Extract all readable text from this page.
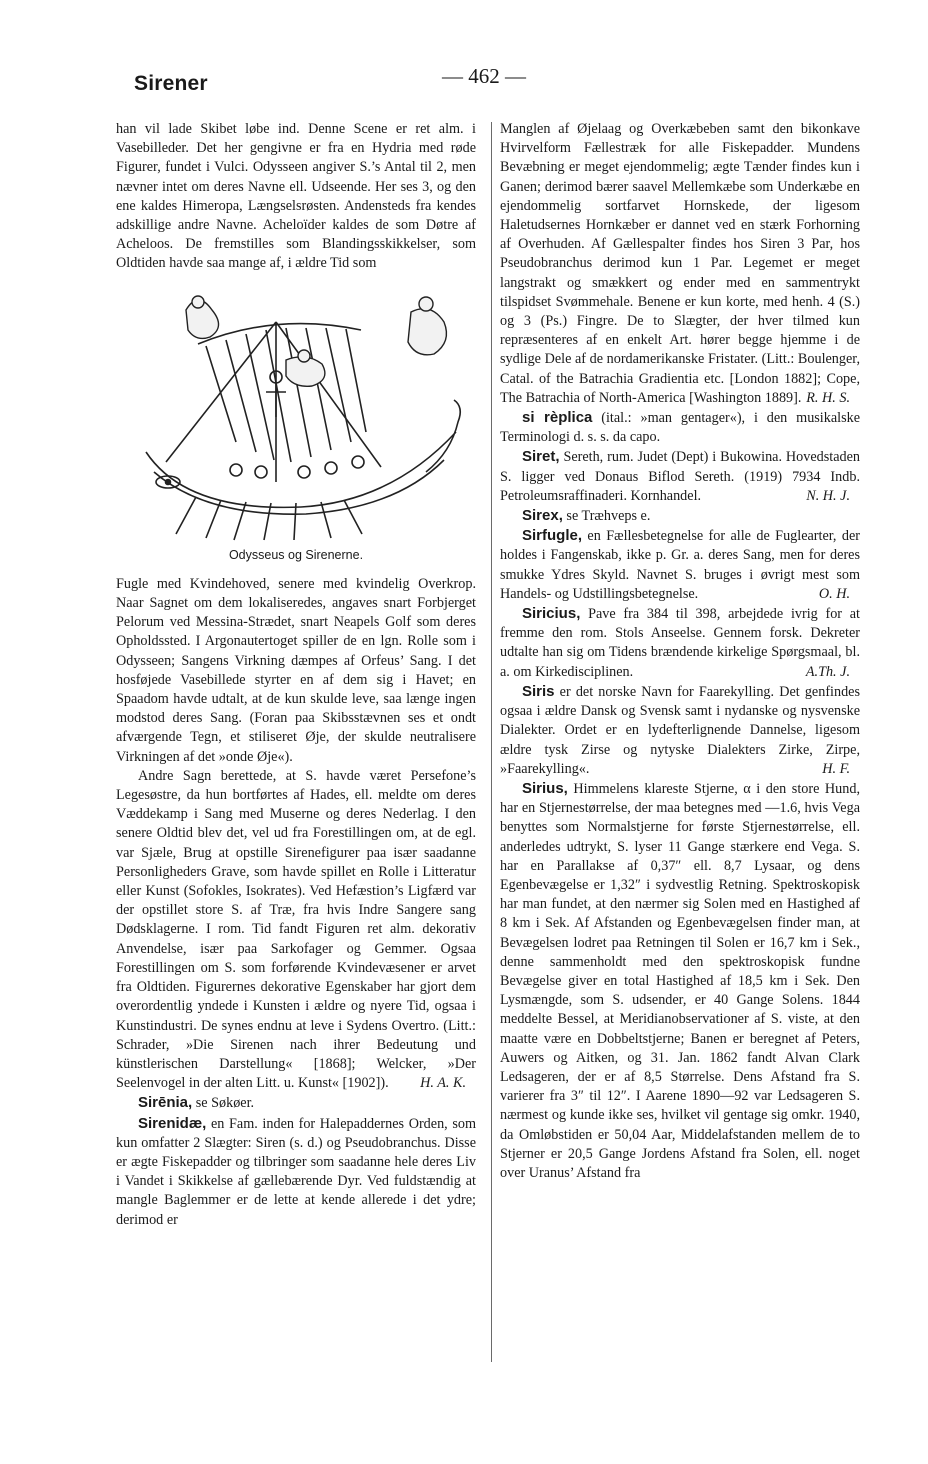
Sirener	— 462 —

han vil lade Skibet løbe ind. Denne Scene er ret alm. i Vasebilleder. Det her gengivne er fra en Hydria med røde Figurer, fundet i Vulci. Odysseen angiver S.’s Antal til 2, men nævner intet om deres Navne ell. Udseende. Her ses 3, og den ene kaldes Himeropa, Længselsrøsten. Andensteds fra kendes adskillige andre Navne. Acheloïder kaldes de som Døtre af Acheloos. De fremstilles som Blandingsskikkelser, som Oldtiden havde saa mange af, i ældre Tid som

Odysseus og Sirenerne.

Fugle med Kvindehoved, senere med kvindelig Overkrop. Naar Sagnet om dem lokaliseredes, angaves snart Forbjerget Pelorum ved Messina-Strædet, snart Neapels Golf som deres Opholdssted. I Argonautertoget spiller de en lgn. Rolle som i Odysseen; Sangens Virkning dæmpes af Orfeus’ Sang. I det hosføjede Vasebillede styrter en af dem sig i Havet; en Spaadom havde udtalt, at de kun skulde leve, saa længe ingen modstod deres Sang. (Foran paa Skibsstævnen ses et ondt afværgende Tegn, et stiliseret Øje, der skulde neutralisere Virkningen af det »onde Øje«).

Andre Sagn berettede, at S. havde været Persefone’s Legesøstre, da hun bortførtes af Hades, ell. meldte om deres Væddekamp i Sang med Muserne og deres Nederlag. I den senere Oldtid blev det, vel ud fra Forestillingen om, at de egl. var Sjæle, Brug at opstille Sirenefigurer paa især saadanne Personligheders Grave, som havde spillet en Rolle i Litteratur eller Kunst (Sofokles, Isokrates). Ved Hefæstion’s Ligfærd var der opstillet store S. af Træ, fra hvis Indre Sangere sang Dødsklagerne. I rom. Tid fandt Figuren ret alm. dekorativ Anvendelse, især paa Sarkofager og Gemmer. Ogsaa Forestillingen om S. som forførende Kvindevæsener er arvet fra Oldtiden. Figurernes dekorative Egenskaber har gjort dem overordentlig yndede i Kunsten i ældre og nyere Tid, ogsaa i Kunstindustri. De synes endnu at leve i Sydens Overtro. (Litt.: Schrader, »Die Sirenen nach ihrer Bedeutung und künstlerischen Darstellung« [1868]; Welcker, »Der Seelenvogel in der alten Litt. u. Kunst« [1902]).	H. A. K.

Sirēnia, se Søkøer.

Sirenidæ, en Fam. inden for Halepaddernes Orden, som kun omfatter 2 Slægter: Siren (s. d.) og Pseudobranchus. Disse er ægte Fiskepadder og tilbringer som saadanne hele deres Liv i Vandet i Skikkelse af gællebærende Dyr. Ved fuldstændig at mangle Baglemmer er de lette at kende allerede i det ydre; derimod er

Manglen af Øjelaag og Overkæbeben samt den bikonkave Hvirvelform Fællestræk for alle Fiskepadder. Mundens Bevæbning er meget ejendommelig; ægte Tænder findes kun i Ganen; derimod bærer saavel Mellemkæbe som Underkæbe en ejendommelig sortfarvet Hornskede, der ligesom Haletudsernes Hornkæber er dannet ved en stærk Forhorning af Overhuden. Af Gællespalter findes hos Siren 3 Par, hos Pseudobranchus derimod kun 1 Par. Legemet er meget langstrakt og smækkert og ender med en sammentrykt tilspidset Svømmehale. Benene er kun korte, med henh. 4 (S.) og 3 (Ps.) Fingre. De to Slægter, der hver tilmed kun repræsenteres af en enkelt Art. hører begge hjemme i de sydlige Dele af de nordamerikanske Fristater. (Litt.: Boulenger, Catal. of the Batrachia Gradientia etc. [London 1882]; Cope, The Batrachia of North-America [Washington 1889]. R. H. S.

si rèplica (ital.: »man gentager«), i den musikalske Terminologi d. s. s. da capo.

Siret, Sereth, rum. Judet (Dept) i Bukowina. Hovedstaden S. ligger ved Donaus Biflod Sereth. (1919) 7934 Indb. Petroleumsraffinaderi. Kornhandel.	N. H. J.

Sirex, se Træhveps e.

Sirfugle, en Fællesbetegnelse for alle de Fuglearter, der holdes i Fangenskab, ikke p. Gr. a. deres Sang, men for deres smukke Ydres Skyld. Navnet S. bruges i øvrigt mest som Handels- og Udstillingsbetegnelse.	O. H.

Siricius, Pave fra 384 til 398, arbejdede ivrig for at fremme den rom. Stols Anseelse. Gennem forsk. Dekreter udtalte han sig om Tidens brændende kirkelige Spørgsmaal, bl. a. om Kirkedisciplinen.	A.Th. J.

Siris er det norske Navn for Faarekylling. Det genfindes ogsaa i ældre Dansk og Svensk samt i nydanske og nysvenske Dialekter. Ordet er en lydefterlignende Dannelse, ligesom ældre tysk Zirse og nytyske Dialekters Zirke, Zirpe, »Faarekylling«.	H. F.

Sirius, Himmelens klareste Stjerne, α i den store Hund, har en Stjernestørrelse, der maa betegnes med —1.6, hvis Vega benyttes som Normalstjerne for første Stjernestørrelse, ell. anderledes udtrykt, S. lyser 11 Gange stærkere end Vega. S. har en Parallakse af 0,37″ ell. 8,7 Lysaar, og dens Egenbevægelse er 1,32″ i sydvestlig Retning. Spektroskopisk har man fundet, at den nærmer sig Solen med en Hastighed af 8 km i Sek. Af Afstanden og Egenbevægelsen finder man, at Bevægelsen lodret paa Retningen til Solen er 16,7 km i Sek., denne sammenholdt med den spektroskopisk fundne Bevægelse giver en total Hastighed af 18,5 km i Sek. Den Lysmængde, som S. udsender, er 40 Gange Solens. 1844 meddelte Bessel, at Meridianobservationer af S. viste, at den maatte være en Dobbeltstjerne; Banen er beregnet af Peters, Auwers og Aitken, og 31. Jan. 1862 fandt Alvan Clark Ledsageren, der er af 8,5 Størrelse. Dens Afstand fra S. varierer fra 3″ til 12″. I Aarene 1890—92 var Ledsageren S. nærmest og kunde ikke ses, hvilket vil gentage sig omkr. 1940, da Omløbstiden er 50,04 Aar, Middelafstanden mellem de to Stjerner er 20,5 Gange Jordens Afstand fra Solen, ell. noget over Uranus’ Afstand fra
